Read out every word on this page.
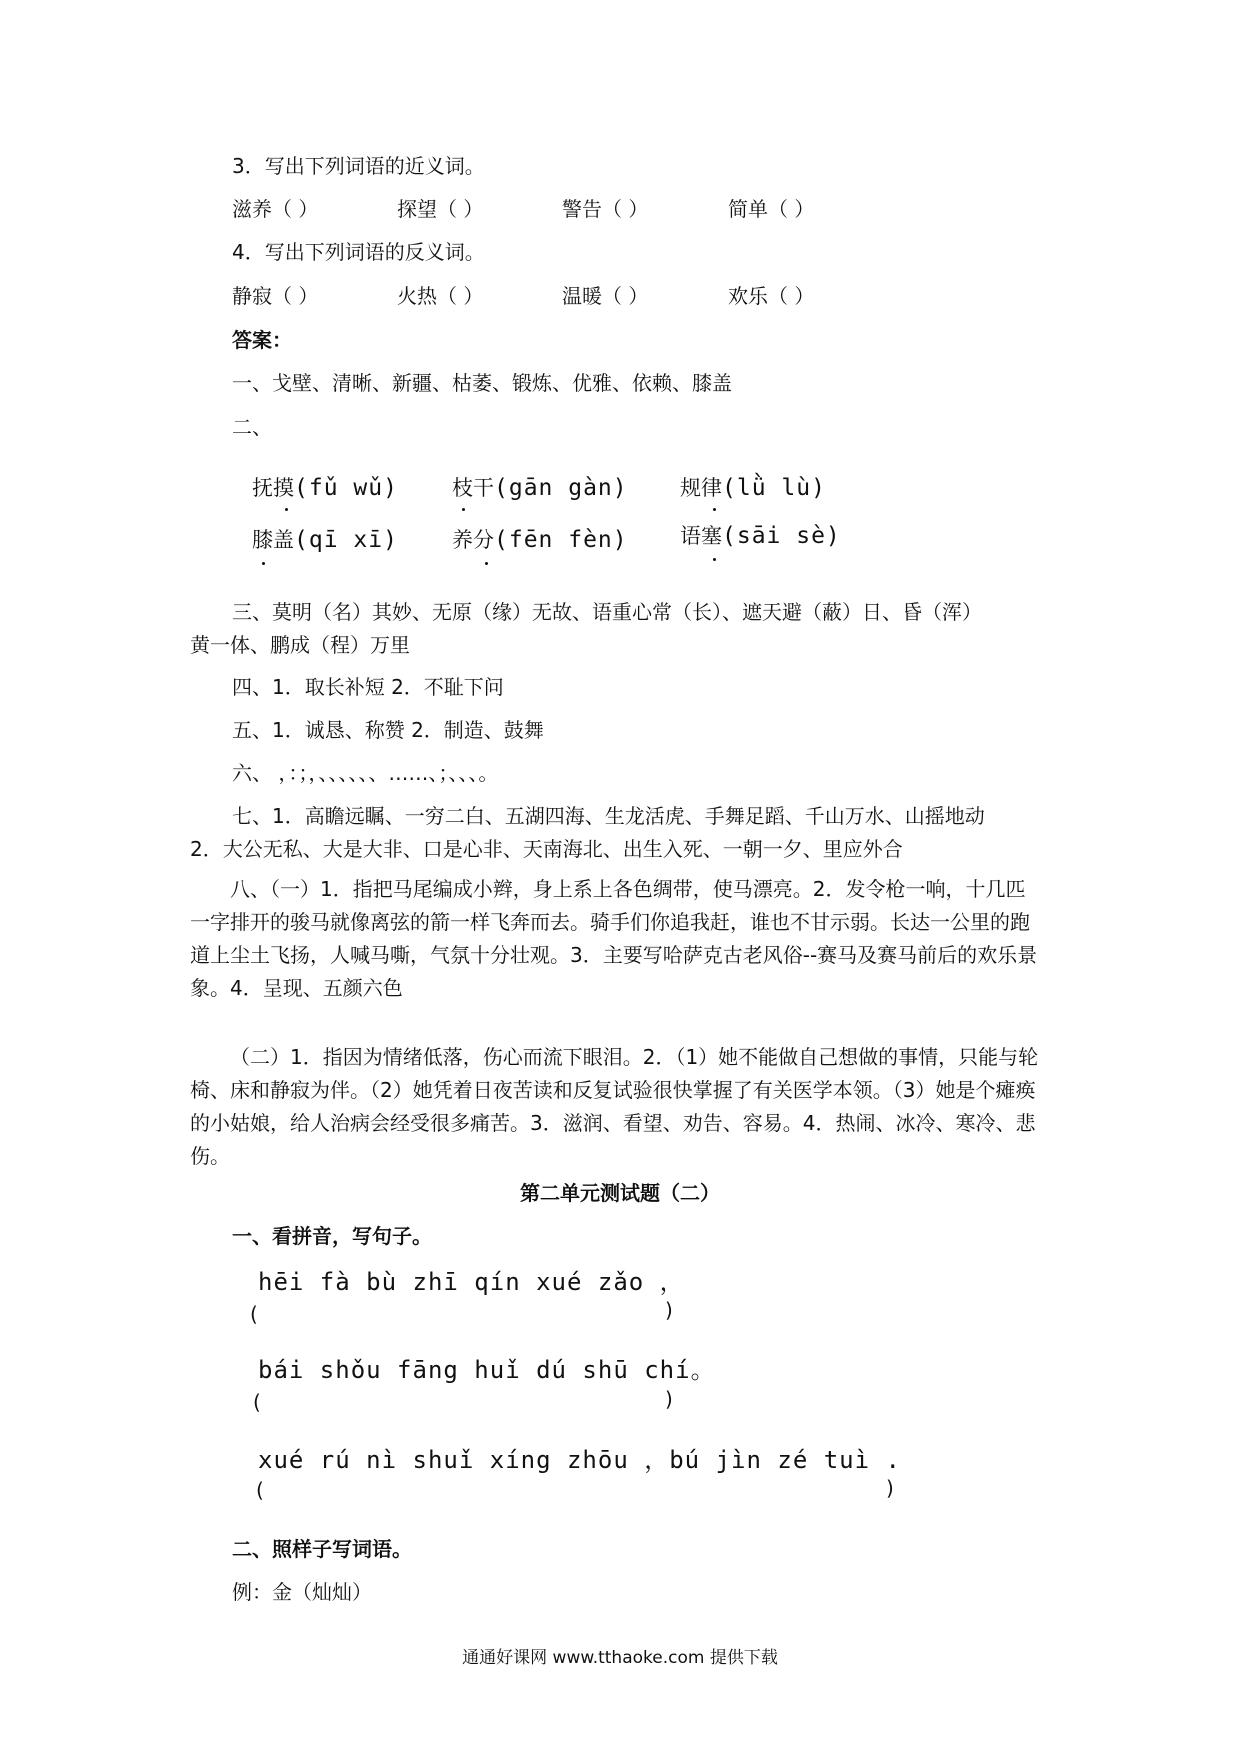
3．写出下列词语的近义词。
滋养（ ）	探望（ ）	警告（ ）	简单（ ）
4．写出下列词语的反义词。
静寂（ ）	火热（ ）	温暖（ ）	欢乐（ ）
答案：
一、戈壁、清晰、新疆、枯萎、锻炼、优雅、依赖、膝盖
二、
抚摸(fǔ wǔ)	枝干(gān gàn) 规律(lǜ lù)
膝盖(qī xī)	养分(fēn fèn) 语塞(sāi sè)
三、莫明（名）其妙、无原（缘）无故、语重心常（长）、遮天避（蔽）日、昏（浑）
黄一体、鹏成（程）万里
四、1．取长补短 2．不耻下问
五、1．诚恳、称赞 2．制造、鼓舞
六、 ，：；，、、、、、、……、；、、、。
七、1．高瞻远瞩、一穷二白、五湖四海、生龙活虎、手舞足蹈、千山万水、山摇地动
2．大公无私、大是大非、口是心非、天南海北、出生入死、一朝一夕、里应外合
八、（一）1．指把马尾编成小辫，身上系上各色绸带，使马漂亮。2．发令枪一响，十几匹一字排开的骏马就像离弦的箭一样飞奔而去。骑手们你追我赶，谁也不甘示弱。长达一公里的跑道上尘土飞扬，人喊马嘶，气氛十分壮观。3．主要写哈萨克古老风俗--赛马及赛马前后的欢乐景象。4．呈现、五颜六色
（二）1．指因为情绪低落，伤心而流下眼泪。2．（1）她不能做自己想做的事情，只能与轮椅、床和静寂为伴。（2）她凭着日夜苦读和反复试验很快掌握了有关医学本领。（3）她是个瘫痪的小姑娘，给人治病会经受很多痛苦。3．滋润、看望、劝告、容易。4．热闹、冰冷、寒冷、悲伤。
第二单元测试题（二）
一、看拼音，写句子。
hēi fà bù zhī qín xué zǎo ，
(	)
bái shǒu fāng huǐ dú shū chí。
(	)
xué rú nì shuǐ xíng zhōu ，bú jìn zé tuì .
(	)
二、照样子写词语。
例：金（灿灿）
通通好课网 www.tthaoke.com 提供下载
